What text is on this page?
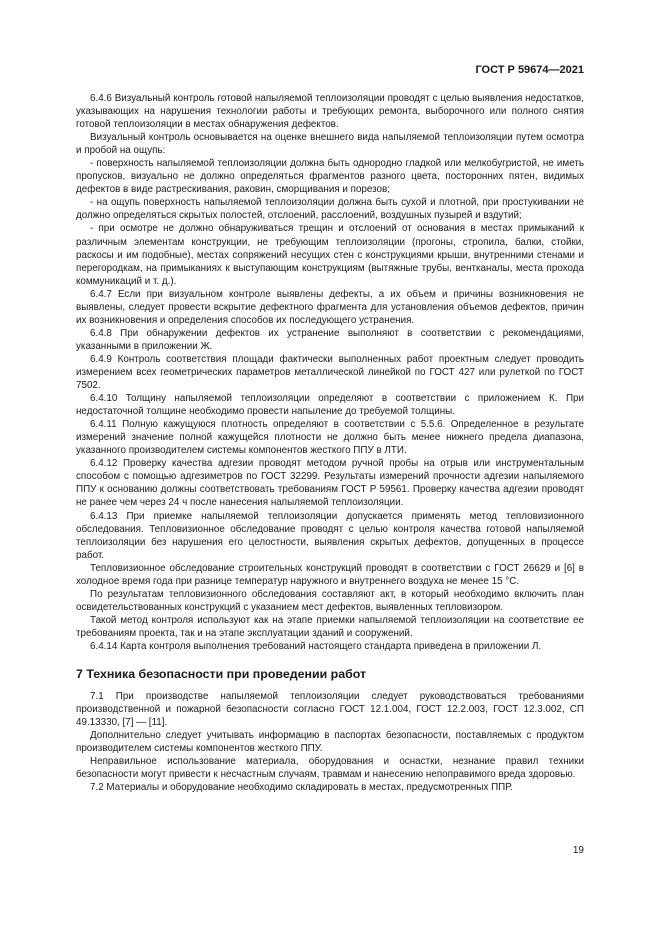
ГОСТ Р 59674—2021

6.4.6 Визуальный контроль готовой напыляемой теплоизоляции проводят с целью выявления недостатков, указывающих на нарушения технологии работы и требующих ремонта, выборочного или полного снятия готовой теплоизоляции в местах обнаружения дефектов.

Визуальный контроль основывается на оценке внешнего вида напыляемой теплоизоляции путем осмотра и пробой на ощупь:

- поверхность напыляемой теплоизоляции должна быть однородно гладкой или мелкобугристой, не иметь пропусков, визуально не должно определяться фрагментов разного цвета, посторонних пятен, видимых дефектов в виде растрескивания, раковин, сморщивания и порезов;

- на ощупь поверхность напыляемой теплоизоляции должна быть сухой и плотной, при простукивании не должно определяться скрытых полостей, отслоений, расслоений, воздушных пузырей и вздутий;

- при осмотре не должно обнаруживаться трещин и отслоений от основания в местах примыканий к различным элементам конструкции, не требующим теплоизоляции (прогоны, стропила, балки, стойки, раскосы и им подобные), местах сопряжений несущих стен с конструкциями крыши, внутренними стенами и перегородкам, на примыканиях к выступающим конструкциям (вытяжные трубы, вентканалы, места прохода коммуникаций и т. д.).

6.4.7 Если при визуальном контроле выявлены дефекты, а их объем и причины возникновения не выявлены, следует провести вскрытие дефектного фрагмента для установления объемов дефектов, причин их возникновения и определения способов их последующего устранения.

6.4.8 При обнаружении дефектов их устранение выполняют в соответствии с рекомендациями, указанными в приложении Ж.

6.4.9 Контроль соответствия площади фактически выполненных работ проектным следует проводить измерением всех геометрических параметров металлической линейкой по ГОСТ 427 или рулеткой по ГОСТ 7502.

6.4.10 Толщину напыляемой теплоизоляции определяют в соответствии с приложением К. При недостаточной толщине необходимо провести напыление до требуемой толщины.

6.4.11 Полную кажущуюся плотность определяют в соответствии с 5.5.6. Определенное в результате измерений значение полной кажущейся плотности не должно быть менее нижнего предела диапазона, указанного производителем системы компонентов жесткого ППУ в ЛТИ.

6.4.12 Проверку качества адгезии проводят методом ручной пробы на отрыв или инструментальным способом с помощью адгезиметров по ГОСТ 32299. Результаты измерений прочности адгезии напыляемого ППУ к основанию должны соответствовать требованиям ГОСТ Р 59561. Проверку качества адгезии проводят не ранее чем через 24 ч после нанесения напыляемой теплоизоляции.

6.4.13 При приемке напыляемой теплоизоляции допускается применять метод тепловизионного обследования. Тепловизионное обследование проводят с целью контроля качества готовой напыляемой теплоизоляции без нарушения его целостности, выявления скрытых дефектов, допущенных в процессе работ.

Тепловизионное обследование строительных конструкций проводят в соответствии с ГОСТ 26629 и [6] в холодное время года при разнице температур наружного и внутреннего воздуха не менее 15 °С.

По результатам тепловизионного обследования составляют акт, в который необходимо включить план освидетельствованных конструкций с указанием мест дефектов, выявленных тепловизором.

Такой метод контроля используют как на этапе приемки напыляемой теплоизоляции на соответствие ее требованиям проекта, так и на этапе эксплуатации зданий и сооружений.

6.4.14 Карта контроля выполнения требований настоящего стандарта приведена в приложении Л.

7 Техника безопасности при проведении работ

7.1 При производстве напыляемой теплоизоляции следует руководствоваться требованиями производственной и пожарной безопасности согласно ГОСТ 12.1.004, ГОСТ 12.2.003, ГОСТ 12.3.002, СП 49.13330, [7] — [11].

Дополнительно следует учитывать информацию в паспортах безопасности, поставляемых с продуктом производителем системы компонентов жесткого ППУ.

Неправильное использование материала, оборудования и оснастки, незнание правил техники безопасности могут привести к несчастным случаям, травмам и нанесению непоправимого вреда здоровью.

7.2 Материалы и оборудование необходимо складировать в местах, предусмотренных ППР.

19
